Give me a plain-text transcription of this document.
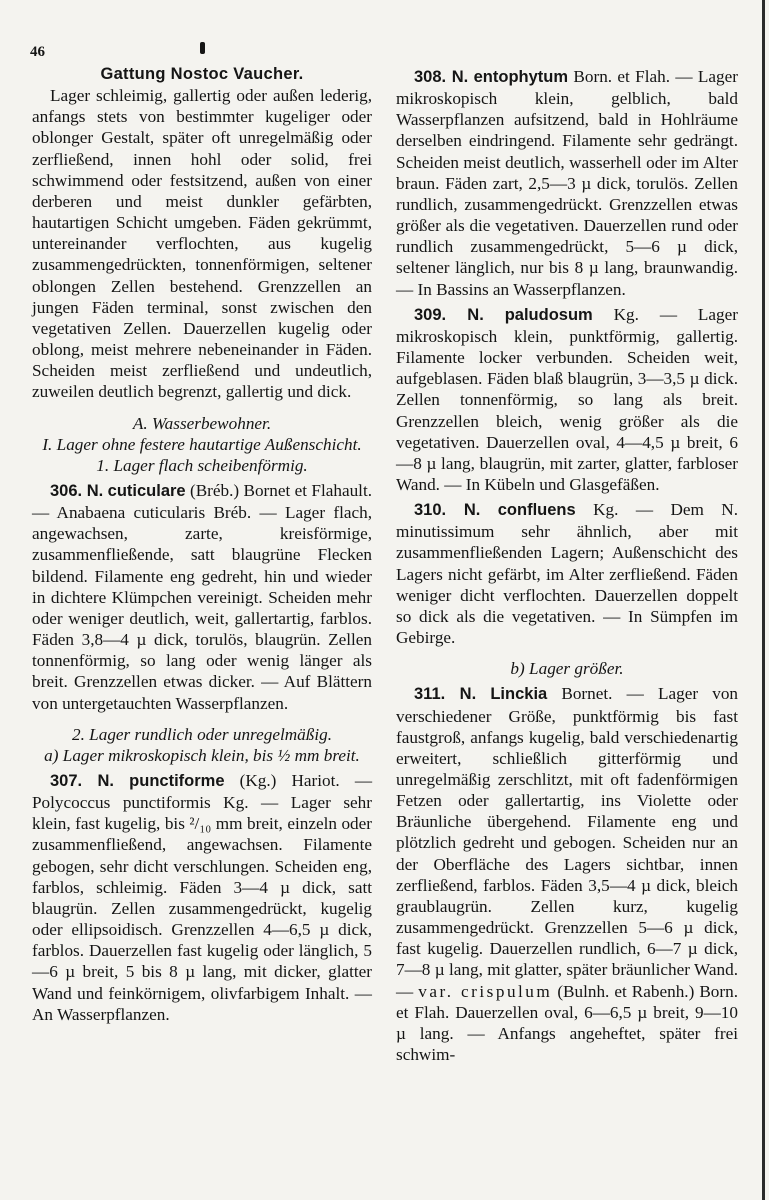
46

Gattung Nostoc Vaucher.

Lager schleimig, gallertig oder außen lederig, anfangs stets von bestimmter kugeliger oder oblonger Gestalt, später oft unregelmäßig oder zerfließend, innen hohl oder solid, frei schwimmend oder festsitzend, außen von einer derberen und meist dunkler gefärbten, hautartigen Schicht umgeben. Fäden gekrümmt, untereinander verflochten, aus kugelig zusammengedrückten, tonnenförmigen, seltener oblongen Zellen bestehend. Grenzzellen an jungen Fäden terminal, sonst zwischen den vegetativen Zellen. Dauerzellen kugelig oder oblong, meist mehrere nebeneinander in Fäden. Scheiden meist zerfließend und undeutlich, zuweilen deutlich begrenzt, gallertig und dick.

A. Wasserbewohner.

I. Lager ohne festere hautartige Außenschicht.

1. Lager flach scheibenförmig.

306. N. cuticulare (Bréb.) Bornet et Flahault. — Anabaena cuticularis Bréb. — Lager flach, angewachsen, zarte, kreisförmige, zusammenfließende, satt blaugrüne Flecken bildend. Filamente eng gedreht, hin und wieder in dichtere Klümpchen vereinigt. Scheiden mehr oder weniger deutlich, weit, gallertartig, farblos. Fäden 3,8—4 µ dick, torulös, blaugrün. Zellen tonnenförmig, so lang oder wenig länger als breit. Grenzzellen etwas dicker. — Auf Blättern von untergetauchten Wasserpflanzen.

2. Lager rundlich oder unregelmäßig.

a) Lager mikroskopisch klein, bis ½ mm breit.

307. N. punctiforme (Kg.) Hariot. — Polycoccus punctiformis Kg. — Lager sehr klein, fast kugelig, bis ²/₁₀ mm breit, einzeln oder zusammenfließend, angewachsen. Filamente gebogen, sehr dicht verschlungen. Scheiden eng, farblos, schleimig. Fäden 3—4 µ dick, satt blaugrün. Zellen zusammengedrückt, kugelig oder ellipsoidisch. Grenzzellen 4—6,5 µ dick, farblos. Dauerzellen fast kugelig oder länglich, 5—6 µ breit, 5 bis 8 µ lang, mit dicker, glatter Wand und feinkörnigem, olivfarbigem Inhalt. — An Wasserpflanzen.

308. N. entophytum Born. et Flah. — Lager mikroskopisch klein, gelblich, bald Wasserpflanzen aufsitzend, bald in Hohlräume derselben eindringend. Filamente sehr gedrängt. Scheiden meist deutlich, wasserhell oder im Alter braun. Fäden zart, 2,5—3 µ dick, torulös. Zellen rundlich, zusammengedrückt. Grenzzellen etwas größer als die vegetativen. Dauerzellen rund oder rundlich zusammengedrückt, 5—6 µ dick, seltener länglich, nur bis 8 µ lang, braunwandig. — In Bassins an Wasserpflanzen.

309. N. paludosum Kg. — Lager mikroskopisch klein, punktförmig, gallertig. Filamente locker verbunden. Scheiden weit, aufgeblasen. Fäden blaß blaugrün, 3—3,5 µ dick. Zellen tonnenförmig, so lang als breit. Grenzzellen bleich, wenig größer als die vegetativen. Dauerzellen oval, 4—4,5 µ breit, 6—8 µ lang, blaugrün, mit zarter, glatter, farbloser Wand. — In Kübeln und Glasgefäßen.

310. N. confluens Kg. — Dem N. minutissimum sehr ähnlich, aber mit zusammenfließenden Lagern; Außenschicht des Lagers nicht gefärbt, im Alter zerfließend. Fäden weniger dicht verflochten. Dauerzellen doppelt so dick als die vegetativen. — In Sümpfen im Gebirge.

b) Lager größer.

311. N. Linckia Bornet. — Lager von verschiedener Größe, punktförmig bis fast faustgroß, anfangs kugelig, bald verschiedenartig erweitert, schließlich gitterförmig und unregelmäßig zerschlitzt, mit oft fadenförmigen Fetzen oder gallertartig, ins Violette oder Bräunliche übergehend. Filamente eng und plötzlich gedreht und gebogen. Scheiden nur an der Oberfläche des Lagers sichtbar, innen zerfließend, farblos. Fäden 3,5—4 µ dick, bleich graublaugrün. Zellen kurz, kugelig zusammengedrückt. Grenzzellen 5—6 µ dick, fast kugelig. Dauerzellen rundlich, 6—7 µ dick, 7—8 µ lang, mit glatter, später bräunlicher Wand. — var. crispulum (Bulnh. et Rabenh.) Born. et Flah. Dauerzellen oval, 6—6,5 µ breit, 9—10 µ lang. — Anfangs angeheftet, später frei schwim-
